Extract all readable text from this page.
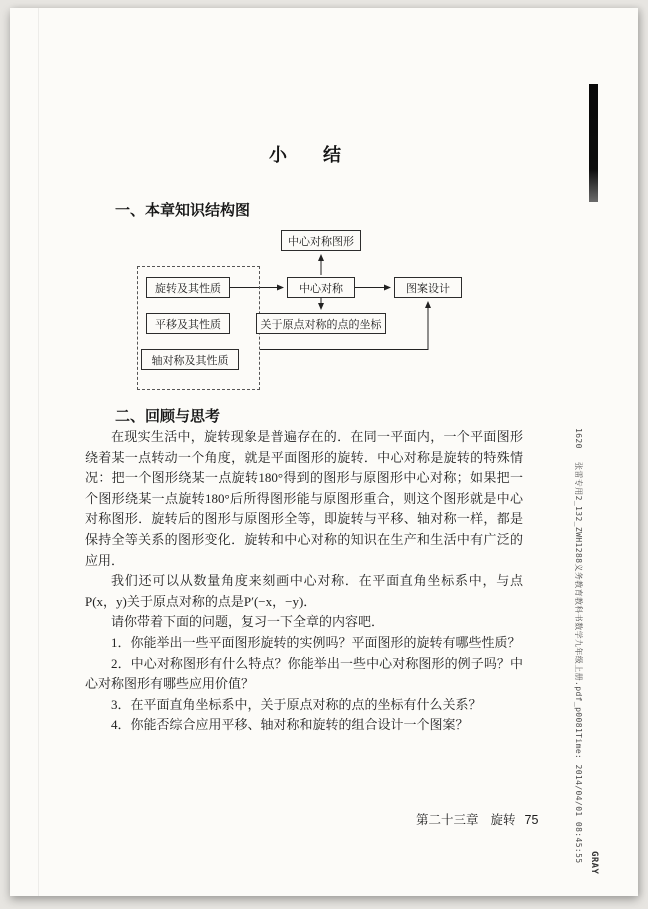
小　　结
一、本章知识结构图
中心对称图形
旋转及其性质
平移及其性质
轴对称及其性质
中心对称	图案设计
关于原点对称的点的坐标
二、回顾与思考

在现实生活中，旋转现象是普遍存在的．在同一平面内，一个平面图形绕着某一点转动一个角度，就是平面图形的旋转．中心对称是旋转的特殊情况：把一个图形绕某一点旋转180°得到的图形与原图形中心对称；如果把一个图形绕某一点旋转180°后所得图形能与原图形重合，则这个图形就是中心对称图形．旋转后的图形与原图形全等，即旋转与平移、轴对称一样，都是保持全等关系的图形变化．旋转和中心对称的知识在生产和生活中有广泛的应用．

我们还可以从数量角度来刻画中心对称．在平面直角坐标系中，与点P(x，y)关于原点对称的点是P′(−x，−y)．

请你带着下面的问题，复习一下全章的内容吧．

1．你能举出一些平面图形旋转的实例吗？平面图形的旋转有哪些性质？

2．中心对称图形有什么特点？你能举出一些中心对称图形的例子吗？中心对称图形有哪些应用价值？

3．在平面直角坐标系中，关于原点对称的点的坐标有什么关系？

4．你能否综合应用平移、轴对称和旋转的组合设计一个图案？

第二十三章 旋转 75
1620
张雷专用2_132_ZWH1288义务教育教科书数学九年级上册.pdf_p0081Time: 2014/04/01 08:45:55 GRAY
